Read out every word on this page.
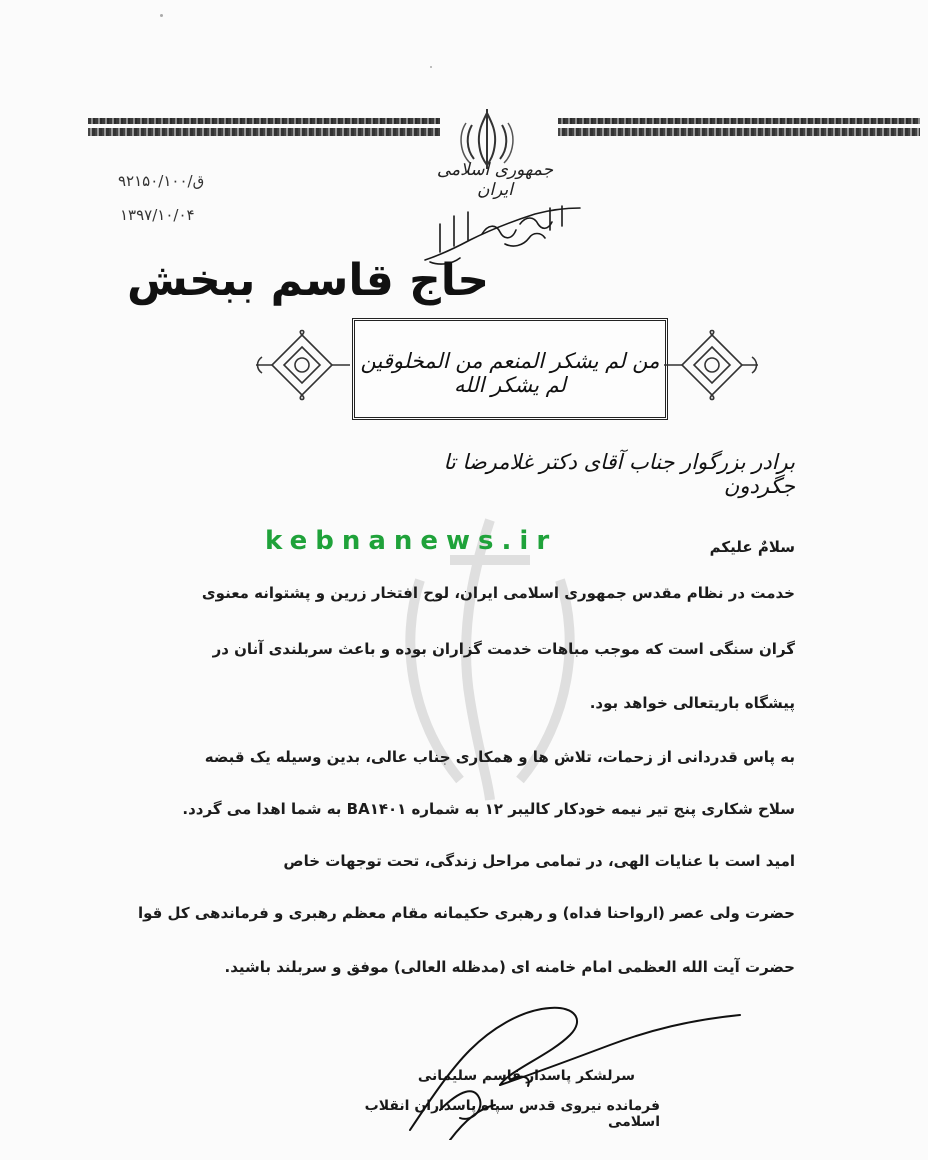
جمهوری اسلامی ایران
ق/۹۲۱۵۰/۱۰۰
۱۳۹۷/۱۰/۰۴
بسم الله الرحمن الرحیم
حاج قاسم ببخش
من لم یشکر المنعم من المخلوقین لم یشکر الله
برادر بزرگوار جناب آقای دکتر غلامرضا تا جگردون
kebnanews.ir	سلامٌ علیکم
خدمت در نظام مقدس جمهوری اسلامی ایران، لوح افتخار زرین و پشتوانه معنوی
گران سنگی است که موجب مباهات خدمت گزاران بوده و باعث سربلندی آنان در
پیشگاه باریتعالی خواهد بود.
به پاس قدردانی از زحمات، تلاش ها و همکاری جناب عالی، بدین وسیله یک قبضه
سلاح شکاری پنج تیر نیمه خودکار کالیبر ۱۲ به شماره BA۱۴۰۱ به شما اهدا می گردد.
امید است با عنایات الهی، در تمامی مراحل زندگی، تحت توجهات خاص
حضرت ولی عصر (ارواحنا فداه) و رهبری حکیمانه مقام معظم رهبری و فرماندهی کل قوا
حضرت آیت الله العظمی امام خامنه ای (مدظله العالی) موفق و سربلند باشید.
سرلشکر پاسدار قاسم سلیمانی
فرمانده نیروی قدس سپاه پاسداران انقلاب اسلامی
